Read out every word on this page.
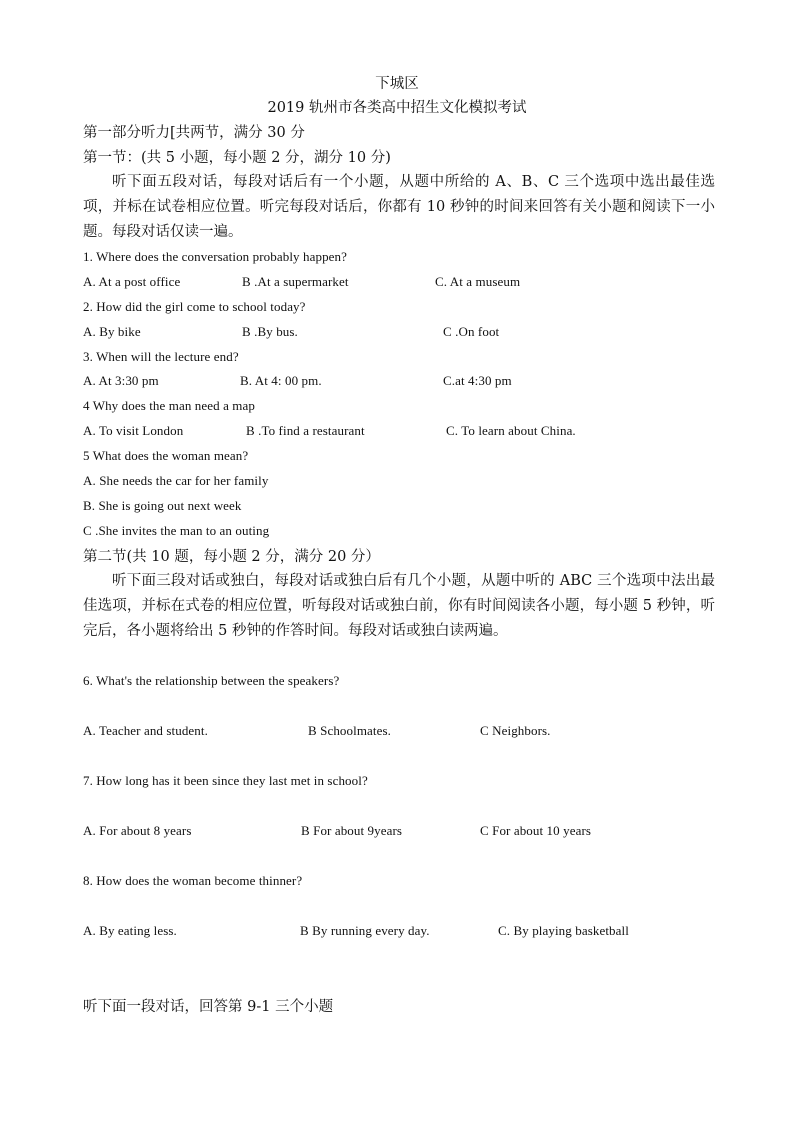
下城区
2019 轨州市各类高中招生文化模拟考试
第一部分听力[共两节，满分 30 分
第一节：(共 5 小题，每小题 2 分，湖分 10 分)
听下面五段对话，每段对话后有一个小题，从题中所给的 A、B、C 三个选项中选出最佳选项，并标在试卷相应位置。听完每段对话后，你都有 10 秒钟的时间来回答有关小题和阅读下一小题。每段对话仅读一遍。
1. Where does the conversation probably happen?
A. At a post office	B .At a supermarket	C. At a museum
2. How did the girl come to school today?
A. By bike	B .By bus.	C .On foot
3. When will the lecture end?
A. At 3:30 pm	B. At 4: 00 pm.	C.at 4:30 pm
4 Why does the man need a map
A. To visit London	B .To find a restaurant	C. To learn about China.
5 What does the woman mean?
A. She needs the car for her family
B. She is going out next week
C .She invites the man to an outing
第二节(共 10 题，每小题 2 分，满分 20 分）
听下面三段对话或独白，每段对话或独白后有几个小题，从题中听的 ABC 三个选项中法出最佳选项，并标在式卷的相应位置，听每段对话或独白前，你有时间阅读各小题，每小题 5 秒钟，听完后，各小题将给出 5 秒钟的作答时间。每段对话或独白读两遍。
6. What's the relationship between the speakers?
A. Teacher and student.	B Schoolmates.	C Neighbors.
7. How long has it been since they last met in school?
A. For about 8 years	B For about 9years	C For about 10 years
8. How does the woman become thinner?
A. By eating less.	B By running every day.	C. By playing basketball
听下面一段对话，回答第 9-1 三个小题
